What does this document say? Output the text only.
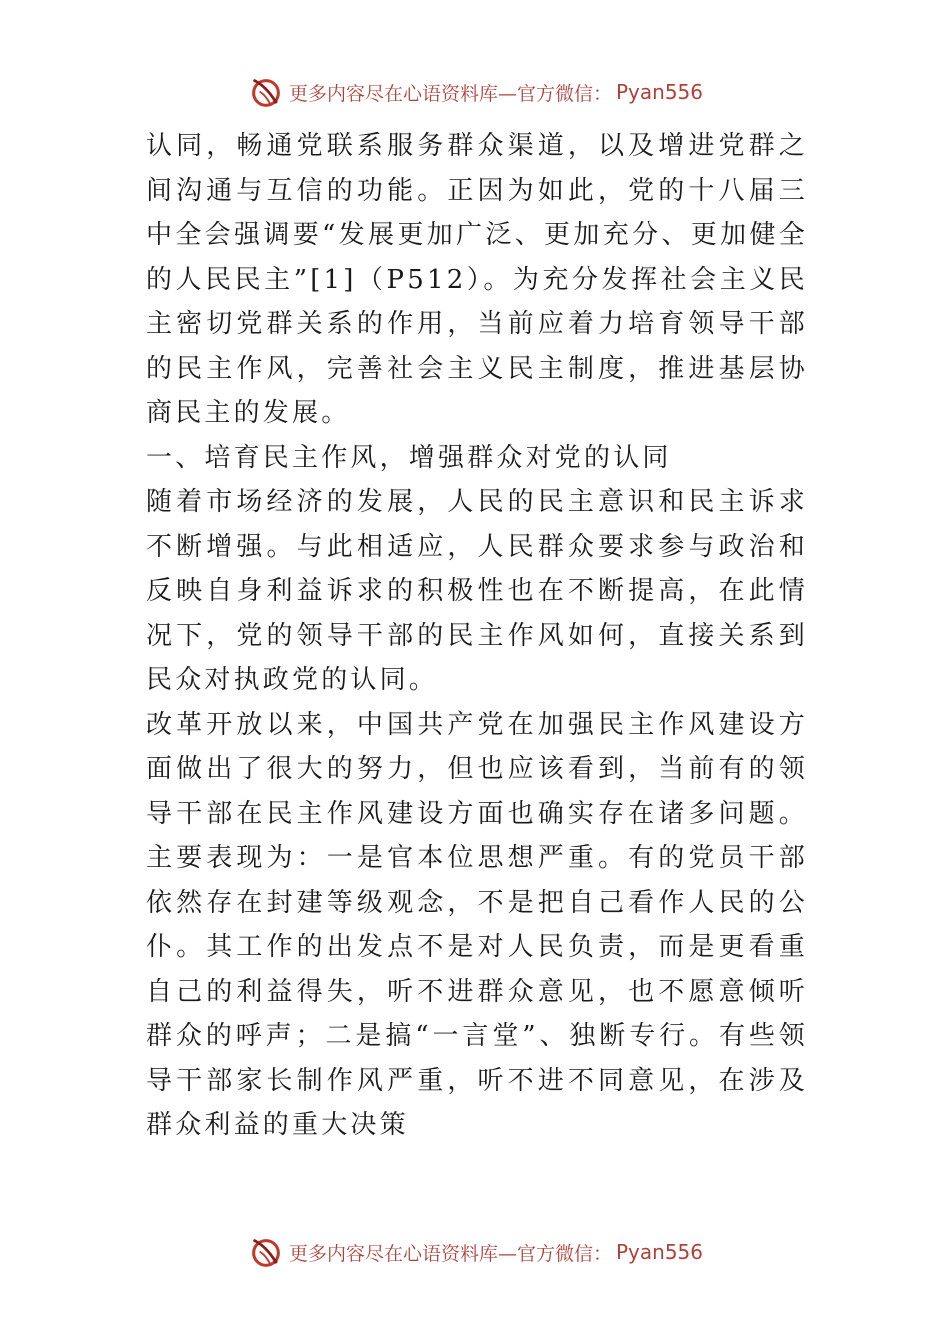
更多内容尽在心语资料库—官方微信： Pyan556

认同，畅通党联系服务群众渠道，以及增进党群之间沟通与互信的功能。正因为如此，党的十八届三中全会强调要“发展更加广泛、更加充分、更加健全的人民民主”[1]（P512）。为充分发挥社会主义民主密切党群关系的作用，当前应着力培育领导干部的民主作风，完善社会主义民主制度，推进基层协商民主的发展。

一、培育民主作风，增强群众对党的认同

随着市场经济的发展，人民的民主意识和民主诉求不断增强。与此相适应，人民群众要求参与政治和反映自身利益诉求的积极性也在不断提高，在此情况下，党的领导干部的民主作风如何，直接关系到民众对执政党的认同。

改革开放以来，中国共产党在加强民主作风建设方面做出了很大的努力，但也应该看到，当前有的领导干部在民主作风建设方面也确实存在诸多问题。主要表现为：一是官本位思想严重。有的党员干部依然存在封建等级观念，不是把自己看作人民的公仆。其工作的出发点不是对人民负责，而是更看重自己的利益得失，听不进群众意见，也不愿意倾听群众的呼声；二是搞“一言堂”、独断专行。有些领导干部家长制作风严重，听不进不同意见，在涉及群众利益的重大决策

更多内容尽在心语资料库—官方微信： Pyan556
